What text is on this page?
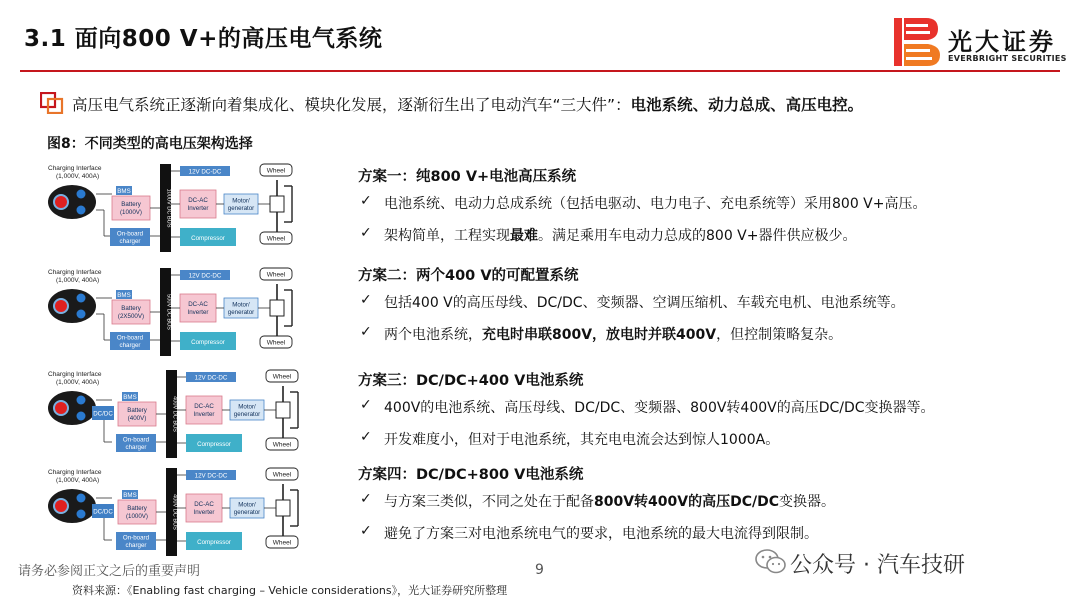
3.1 面向800 V+的高压电气系统	光大证券
EVERBRIGHT SECURITIES
高压电气系统正逐渐向着集成化、模块化发展，逐渐衍生出了电动汽车“三大件”：电池系统、动力总成、高压电控。
图8：不同类型的高电压架构选择
Charging Interface
(1,000V, 400A)
BMS
Battery
(1000V)
On-board
charger
1000V DC BUS
12V DC-DC
DC-AC
Inverter
Motor/
generator
Compressor
Wheel
Wheel
Charging Interface
(1,000V, 400A)
BMS
Battery
(2X500V)
On-board
charger
500V DC BUS
12V DC-DC
DC-AC
Inverter
Motor/
generator
Compressor
Wheel
Wheel
Charging Interface
(1,000V, 400A)
DC/DC
BMS
Battery
(400V)
On-board
charger
400V DC BUS
12V DC-DC
DC-AC
Inverter
Motor/
generator
Compressor
Wheel
Wheel
Charging Interface
(1,000V, 400A)
DC/DC
BMS
Battery
(1000V)
On-board
charger
400V DC BUS
12V DC-DC
DC-AC
Inverter
Motor/
generator
Compressor
Wheel
Wheel
方案一：纯800 V+电池高压系统
✓ 电池系统、电动力总成系统（包括电驱动、电力电子、充电系统等）采用800 V+高压。
✓ 架构简单，工程实现最难。满足乘用车电动力总成的800 V+器件供应极少。
方案二：两个400 V的可配置系统
✓ 包括400 V的高压母线、DC/DC、变频器、空调压缩机、车载充电机、电池系统等。
✓ 两个电池系统，充电时串联800V，放电时并联400V，但控制策略复杂。
方案三：DC/DC+400 V电池系统
✓ 400V的电池系统、高压母线、DC/DC、变频器、800V转400V的高压DC/DC变换器等。
✓ 开发难度小，但对于电池系统，其充电电流会达到惊人1000A。
方案四：DC/DC+800 V电池系统
✓ 与方案三类似，不同之处在于配备800V转400V的高压DC/DC变换器。
✓ 避免了方案三对电池系统电气的要求，电池系统的最大电流得到限制。
请务必参阅正文之后的重要声明	9
资料来源：《Enabling fast charging – Vehicle considerations》，光大证券研究所整理
公众号 · 汽车技研
